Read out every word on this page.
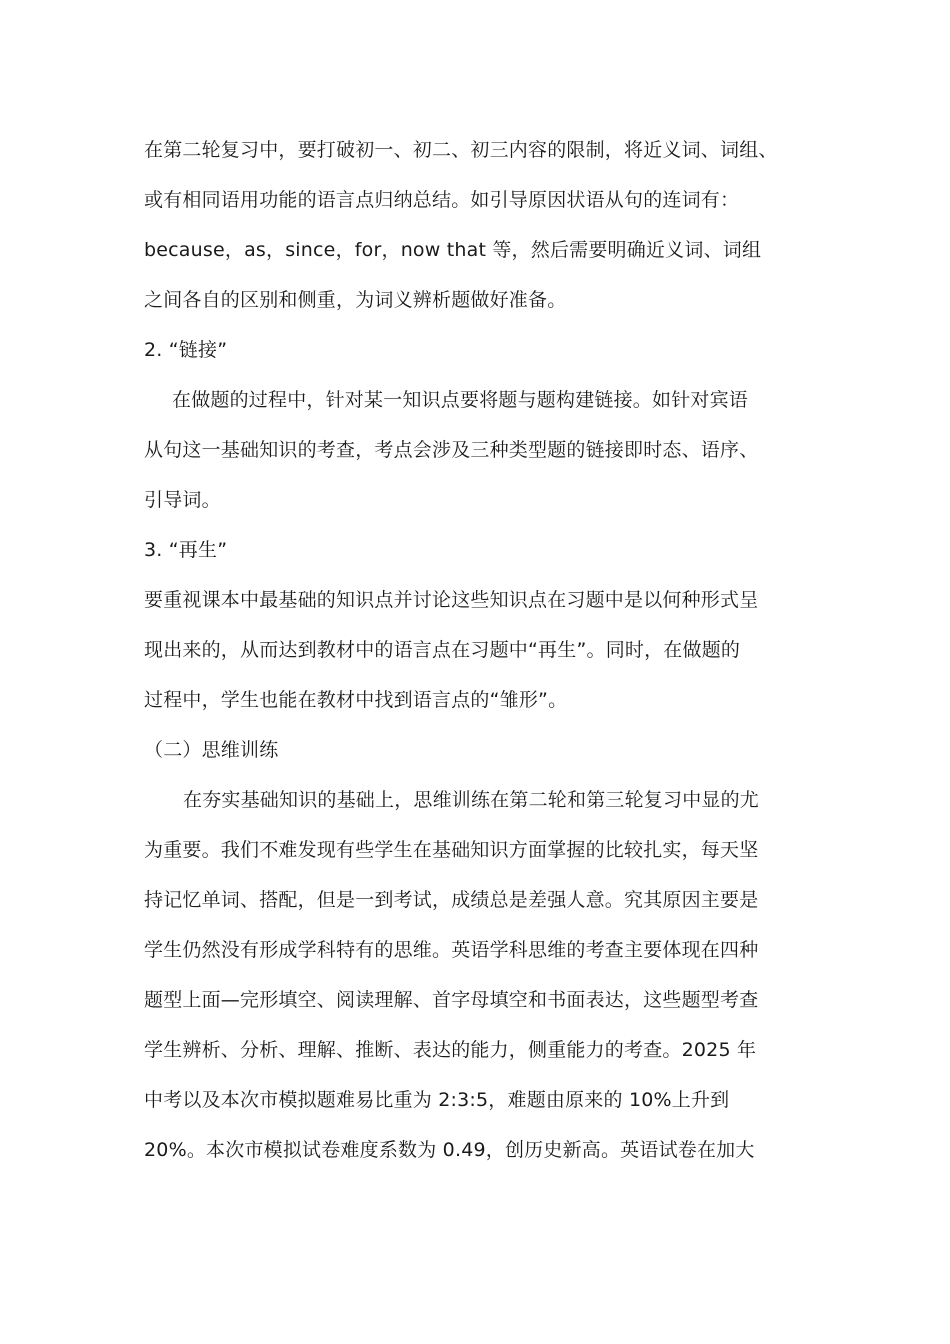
在第二轮复习中，要打破初一、初二、初三内容的限制，将近义词、词组、
或有相同语用功能的语言点归纳总结。如引导原因状语从句的连词有：
because，as，since，for，now that 等，然后需要明确近义词、词组
之间各自的区别和侧重，为词义辨析题做好准备。
2. “链接”
在做题的过程中，针对某一知识点要将题与题构建链接。如针对宾语
从句这一基础知识的考查，考点会涉及三种类型题的链接即时态、语序、
引导词。
3. “再生”
要重视课本中最基础的知识点并讨论这些知识点在习题中是以何种形式呈
现出来的，从而达到教材中的语言点在习题中“再生”。同时，在做题的
过程中，学生也能在教材中找到语言点的“雏形”。
（二）思维训练
在夯实基础知识的基础上，思维训练在第二轮和第三轮复习中显的尤
为重要。我们不难发现有些学生在基础知识方面掌握的比较扎实，每天坚
持记忆单词、搭配，但是一到考试，成绩总是差强人意。究其原因主要是
学生仍然没有形成学科特有的思维。英语学科思维的考查主要体现在四种
题型上面—完形填空、阅读理解、首字母填空和书面表达，这些题型考查
学生辨析、分析、理解、推断、表达的能力，侧重能力的考查。2025 年
中考以及本次市模拟题难易比重为 2:3:5，难题由原来的 10%上升到
20%。本次市模拟试卷难度系数为 0.49，创历史新高。英语试卷在加大
